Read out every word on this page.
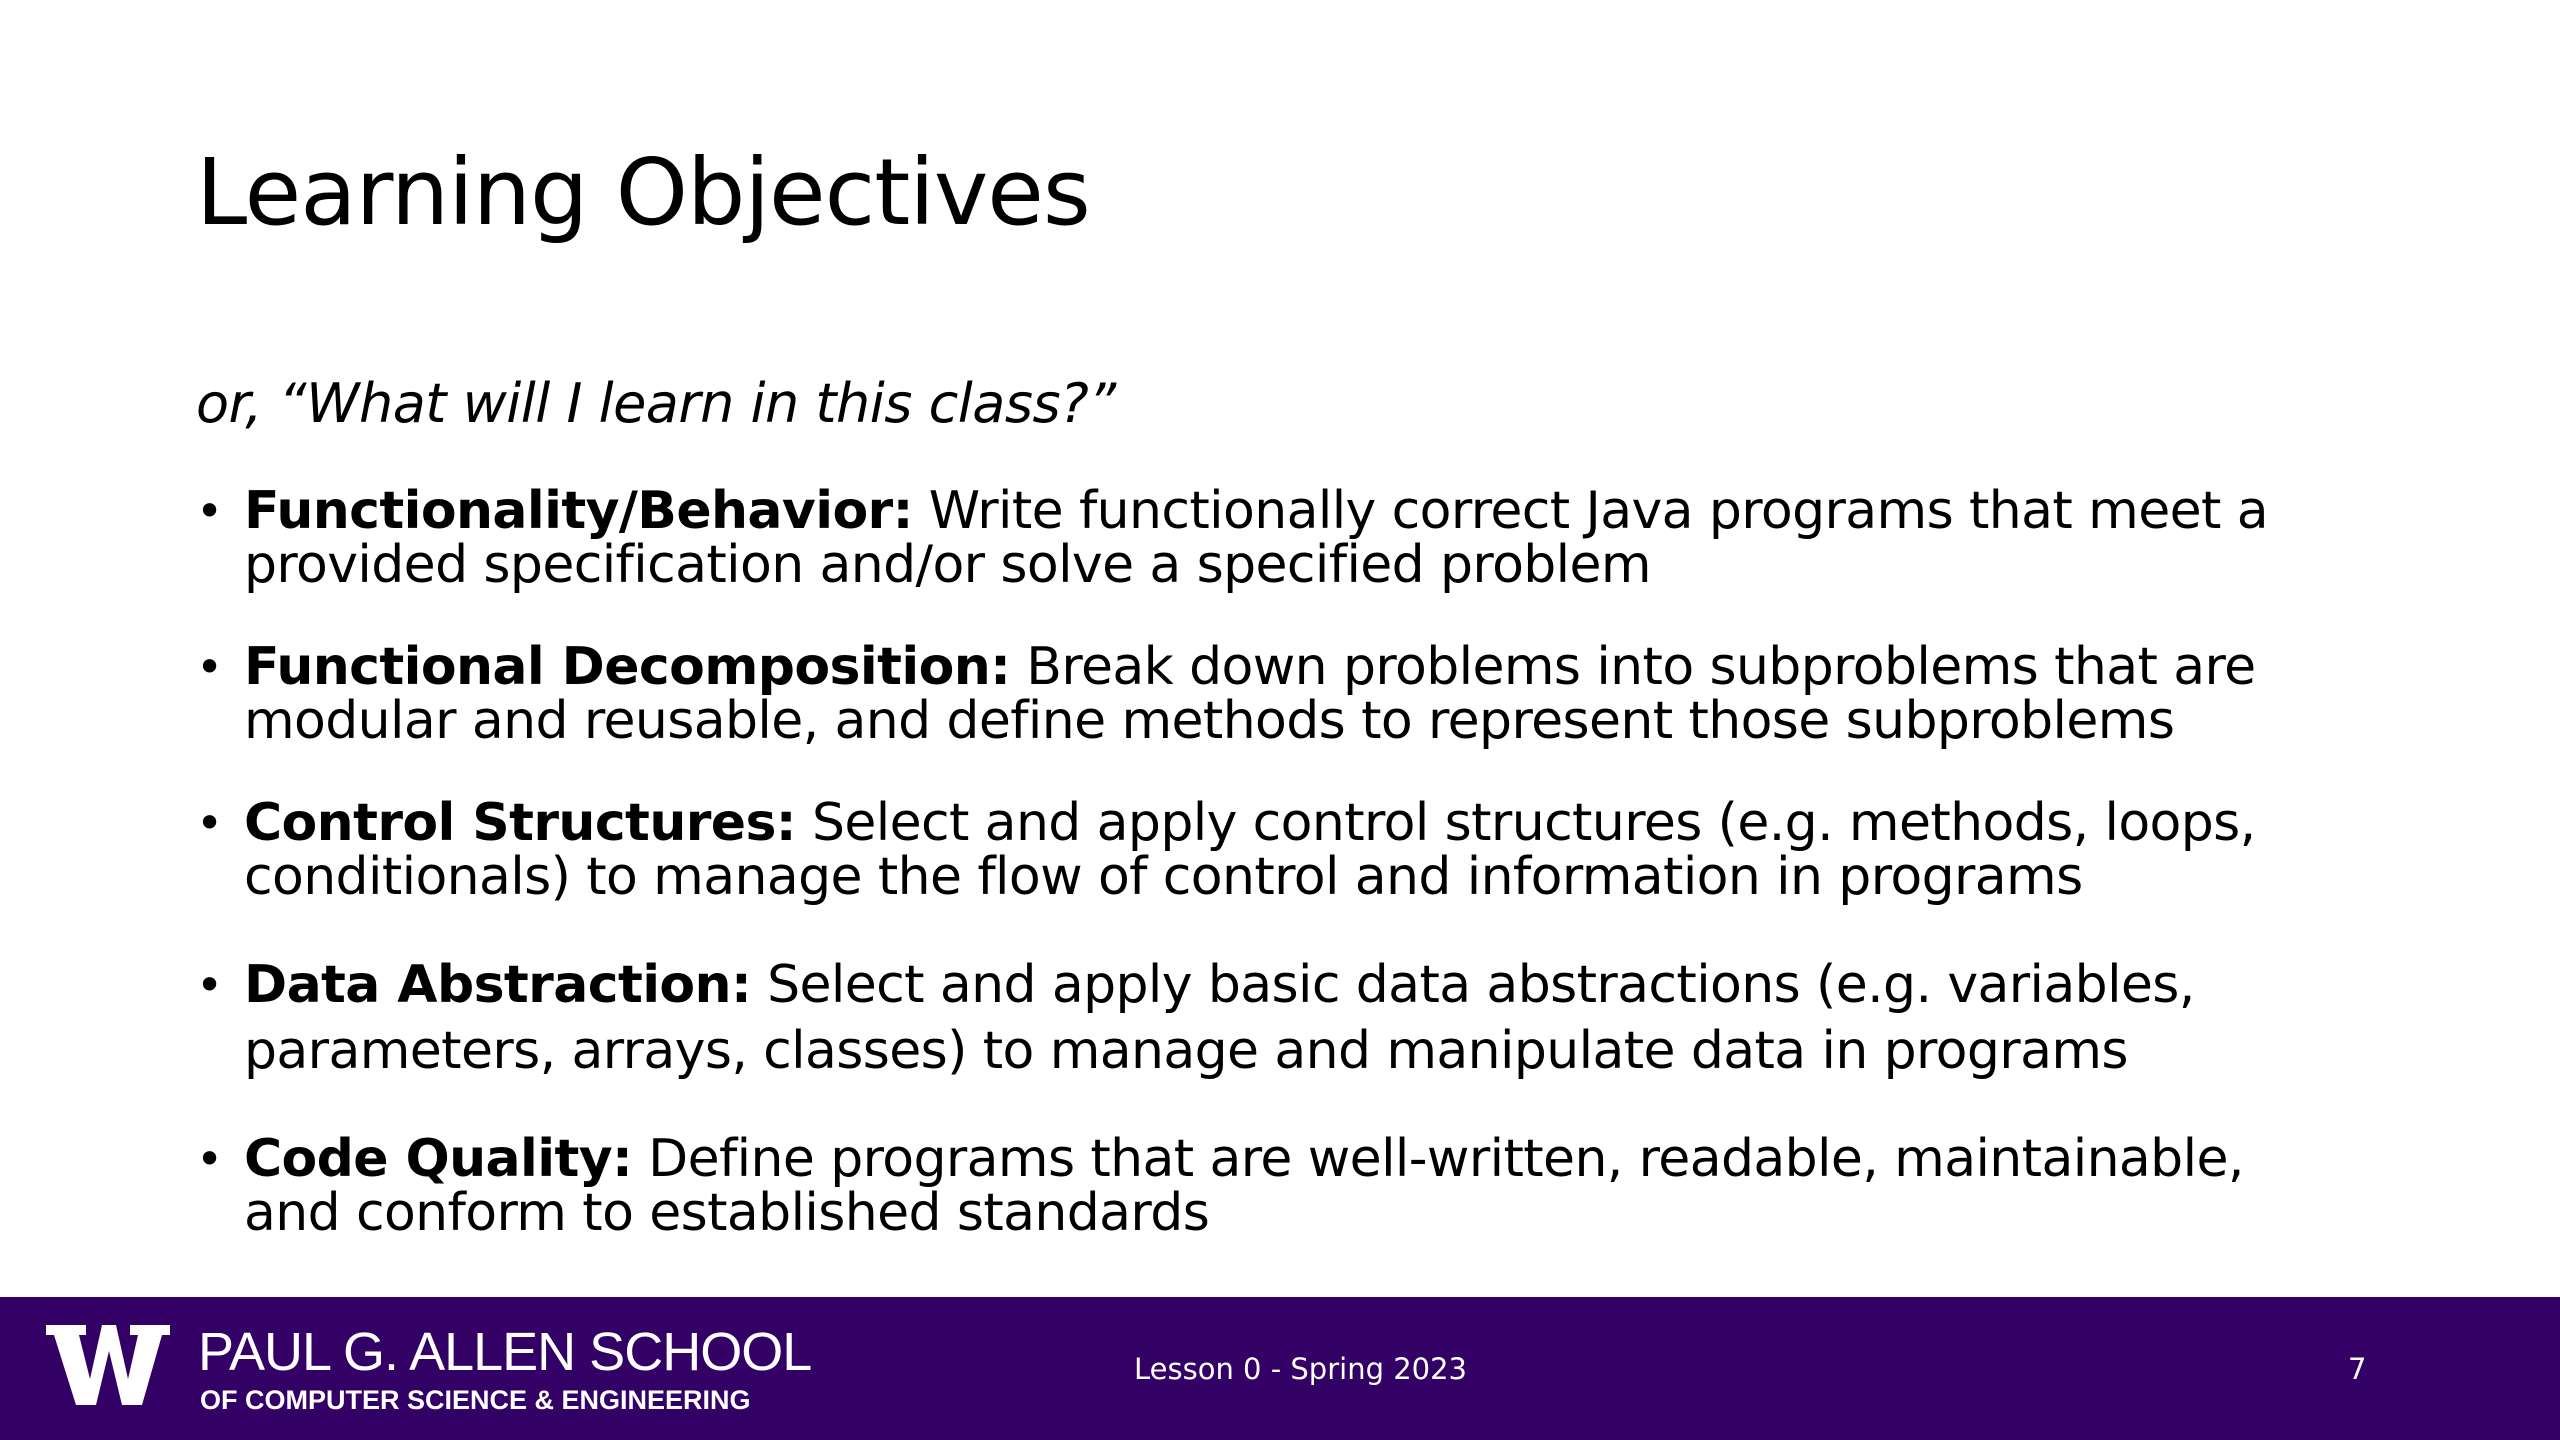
Learning Objectives

or, “What will I learn in this class?”

• Functionality/Behavior: Write functionally correct Java programs that meet a provided specification and/or solve a specified problem
• Functional Decomposition: Break down problems into subproblems that are modular and reusable, and define methods to represent those subproblems
• Control Structures: Select and apply control structures (e.g. methods, loops, conditionals) to manage the flow of control and information in programs
• Data Abstraction: Select and apply basic data abstractions (e.g. variables, parameters, arrays, classes) to manage and manipulate data in programs
• Code Quality: Define programs that are well-written, readable, maintainable, and conform to established standards
PAUL G. ALLEN SCHOOL
OF COMPUTER SCIENCE & ENGINEERING
Lesson 0 - Spring 2023	7
